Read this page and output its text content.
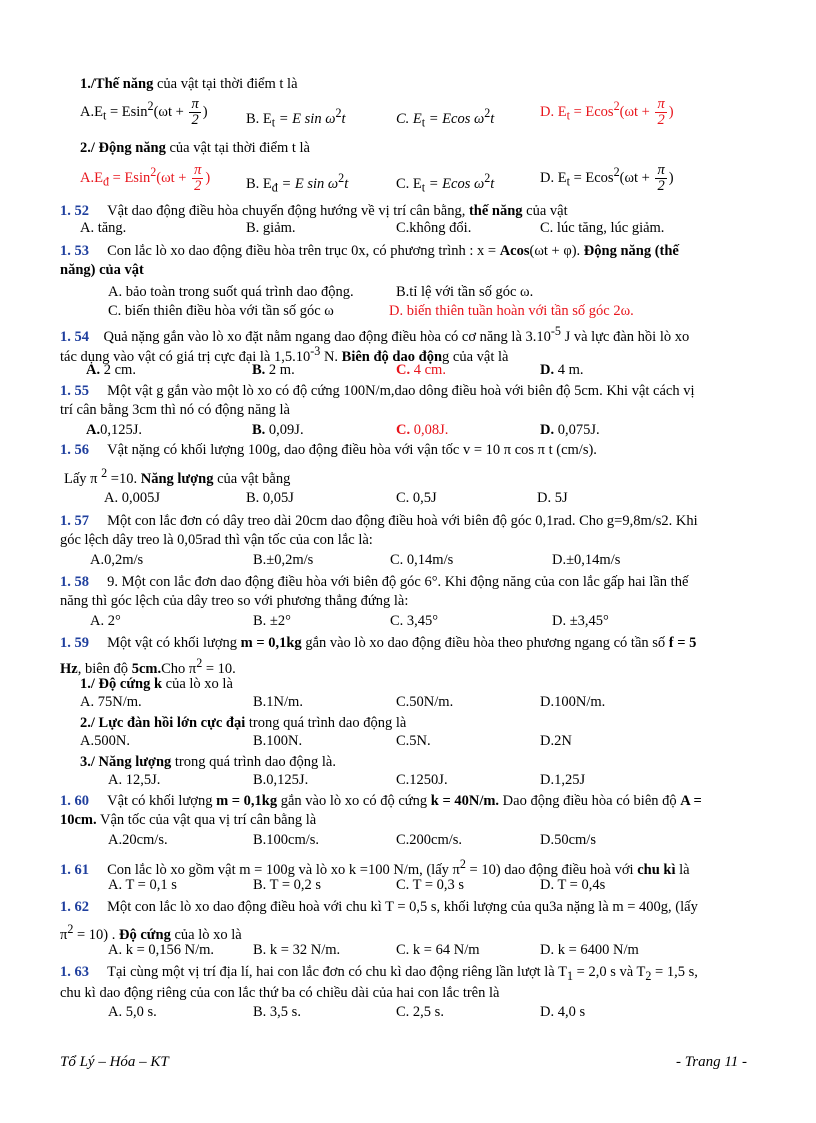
1./Thế năng của vật tại thời điểm t là
$A.E_t = Esin^2(\omega t + \frac{\pi}{2}$ )	B. $E_t = E$ $\sin \omega^2t$	C. $E_t = Ecos$ $\omega^2t$	D. $E_t = Ecos^2(\omega t + \frac{\pi}{2}$ )
2./ Động năng của vật tại thời điểm t là
$A.E_đ = Esin^2(\omega t + \frac{\pi}{2}$ ) B. $E_đ = E$ $\sin \omega^2t$	C. $E_t = Ecos$ $\omega^2t$	D. $E_t = Ecos^2(\omega t + \frac{\pi}{2}$ )
1. 52 Vật dao động điều hòa chuyển động hướng về vị trí cân bằng, thế năng của vật
A. tăng.	B. giảm.	C.không đổi.	C. lúc tăng, lúc giảm.
1. 53 Con lắc lò xo dao động điều hòa trên trục 0x, có phương trình : x = Acos(ωt + φ). Động năng (thế
năng) của vật
A. bảo toàn trong suốt quá trình dao động.	B.tỉ lệ với tần số góc ω.
C. biến thiên điều hòa với tần số góc ω	D. biến thiên tuần hoàn với tần số góc 2ω.
1. 54 Quả nặng gắn vào lò xo đặt nằm ngang dao động điều hòa có cơ năng là $3.10^{-5}$ J và lực đàn hồi lò xo
tác dụng vào vật có giá trị cực đại là $1,5.10^{-3}$ N. Biên độ dao động của vật là
A. 2 cm.	B. 2 m.	C. 4 cm.	D. 4 m.
1. 55 Một vật g gắn vào một lò xo có độ cứng 100N/m,dao dông điều hoà với biên độ 5cm. Khi vật cách vị
trí cân bằng 3cm thì nó có động năng là
A.0,125J.	B. 0,09J.	C. 0,08J.	D. 0,075J.
1. 56 Vật nặng có khối lượng 100g, dao động điều hòa với vận tốc v = 10 π cos π t (cm/s).
Lấy π $^2$ =10. Năng lượng của vật bằng
A. 0,005J	B. 0,05J	C. 0,5J	D. 5J
1. 57 Một con lắc đơn có dây treo dài 20cm dao động điều hoà với biên độ góc 0,1rad. Cho g=9,8m/s2. Khi
góc lệch dây treo là 0,05rad thì vận tốc của con lắc là:
A.0,2m/s	B.±0,2m/s	C. 0,14m/s	D.±0,14m/s
1. 58 9. Một con lắc đơn dao động điều hòa với biên độ góc 6°. Khi động năng của con lắc gấp hai lần thế
năng thì góc lệch của dây treo so với phương thẳng đứng là:
A. 2°	B. ±2°	C. 3,45°	D. ±3,45°
1. 59 Một vật có khối lượng m = 0,1kg gắn vào lò xo dao động điều hòa theo phương ngang có tần số f = 5
Hz, biên độ 5cm.Cho $\pi^2 = 10$.
1./ Độ cứng k của lò xo là
A. 75N/m.	B.1N/m.	C.50N/m.	D.100N/m.
2./ Lực đàn hồi lớn cực đại trong quá trình dao động là
A.500N.	B.100N.	C.5N.	D.2N
3./ Năng lượng trong quá trình dao động là.
A. 12,5J.	B.0,125J.	C.1250J.	D.1,25J
1. 60 Vật có khối lượng m = 0,1kg gắn vào lò xo có độ cứng k = 40N/m. Dao động điều hòa có biên độ A =
10cm. Vận tốc của vật qua vị trí cân bằng là
A.20cm/s.	B.100cm/s.	C.200cm/s.	D.50cm/s
1. 61 Con lắc lò xo gồm vật m = 100g và lò xo k =100 N/m, (lấy $\pi^2 = 10$) dao động điều hoà với chu kì là
A. T = 0,1 s	B. T = 0,2 s	C. T = 0,3 s	D. T = 0,4s
1. 62 Một con lắc lò xo dao động điều hoà với chu kì T = 0,5 s, khối lượng của qu3a nặng là m = 400g, (lấy
$\pi^2 = 10$) . Độ cứng của lò xo là
A. k = 0,156 N/m.	B. k = 32 N/m.	C. k = 64 N/m	D. k = 6400 N/m
1. 63 Tại cùng một vị trí địa lí, hai con lắc đơn có chu kì dao động riêng lần lượt là $T_1 = 2,0$ s và $T_2 = 1,5$ s,
chu kì dao động riêng của con lắc thứ ba có chiều dài của hai con lắc trên là
A. 5,0 s.	B. 3,5 s.	C. 2,5 s.	D. 4,0 s
Tổ Lý – Hóa – KT	- Trang 11 -
